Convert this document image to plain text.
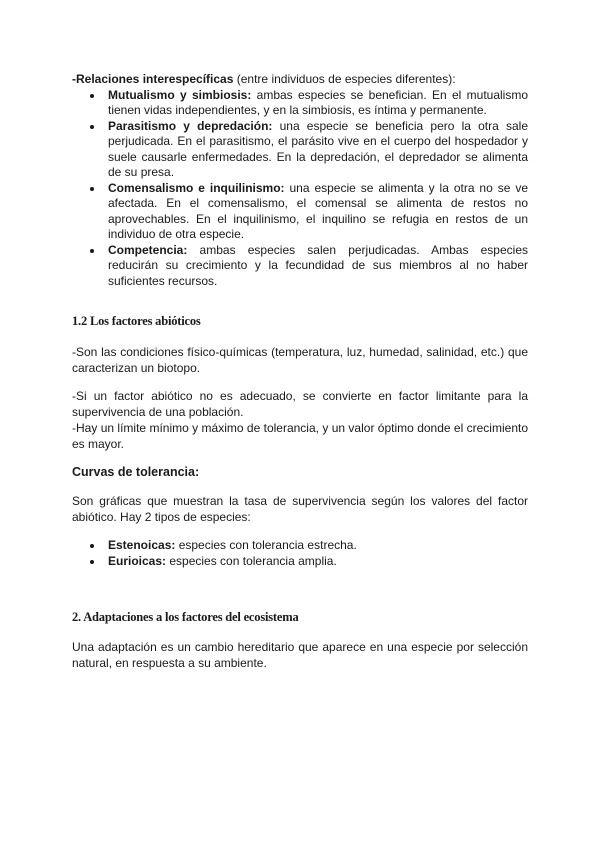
-Relaciones interespecíficas (entre individuos de especies diferentes):

Mutualismo y simbiosis: ambas especies se benefician. En el mutualismo tienen vidas independientes, y en la simbiosis, es íntima y permanente.
Parasitismo y depredación: una especie se beneficia pero la otra sale perjudicada. En el parasitismo, el parásito vive en el cuerpo del hospedador y suele causarle enfermedades. En la depredación, el depredador se alimenta de su presa.
Comensalismo e inquilinismo: una especie se alimenta y la otra no se ve afectada. En el comensalismo, el comensal se alimenta de restos no aprovechables. En el inquilinismo, el inquilino se refugia en restos de un individuo de otra especie.
Competencia: ambas especies salen perjudicadas. Ambas especies reducirán su crecimiento y la fecundidad de sus miembros al no haber suficientes recursos.
1.2 Los factores abióticos

-Son las condiciones físico-químicas (temperatura, luz, humedad, salinidad, etc.) que caracterizan un biotopo.

-Si un factor abiótico no es adecuado, se convierte en factor limitante para la supervivencia de una población.

-Hay un límite mínimo y máximo de tolerancia, y un valor óptimo donde el crecimiento es mayor.

Curvas de tolerancia:

Son gráficas que muestran la tasa de supervivencia según los valores del factor abiótico. Hay 2 tipos de especies:

Estenoicas: especies con tolerancia estrecha.
Eurioicas: especies con tolerancia amplia.
2. Adaptaciones a los factores del ecosistema

Una adaptación es un cambio hereditario que aparece en una especie por selección natural, en respuesta a su ambiente.
